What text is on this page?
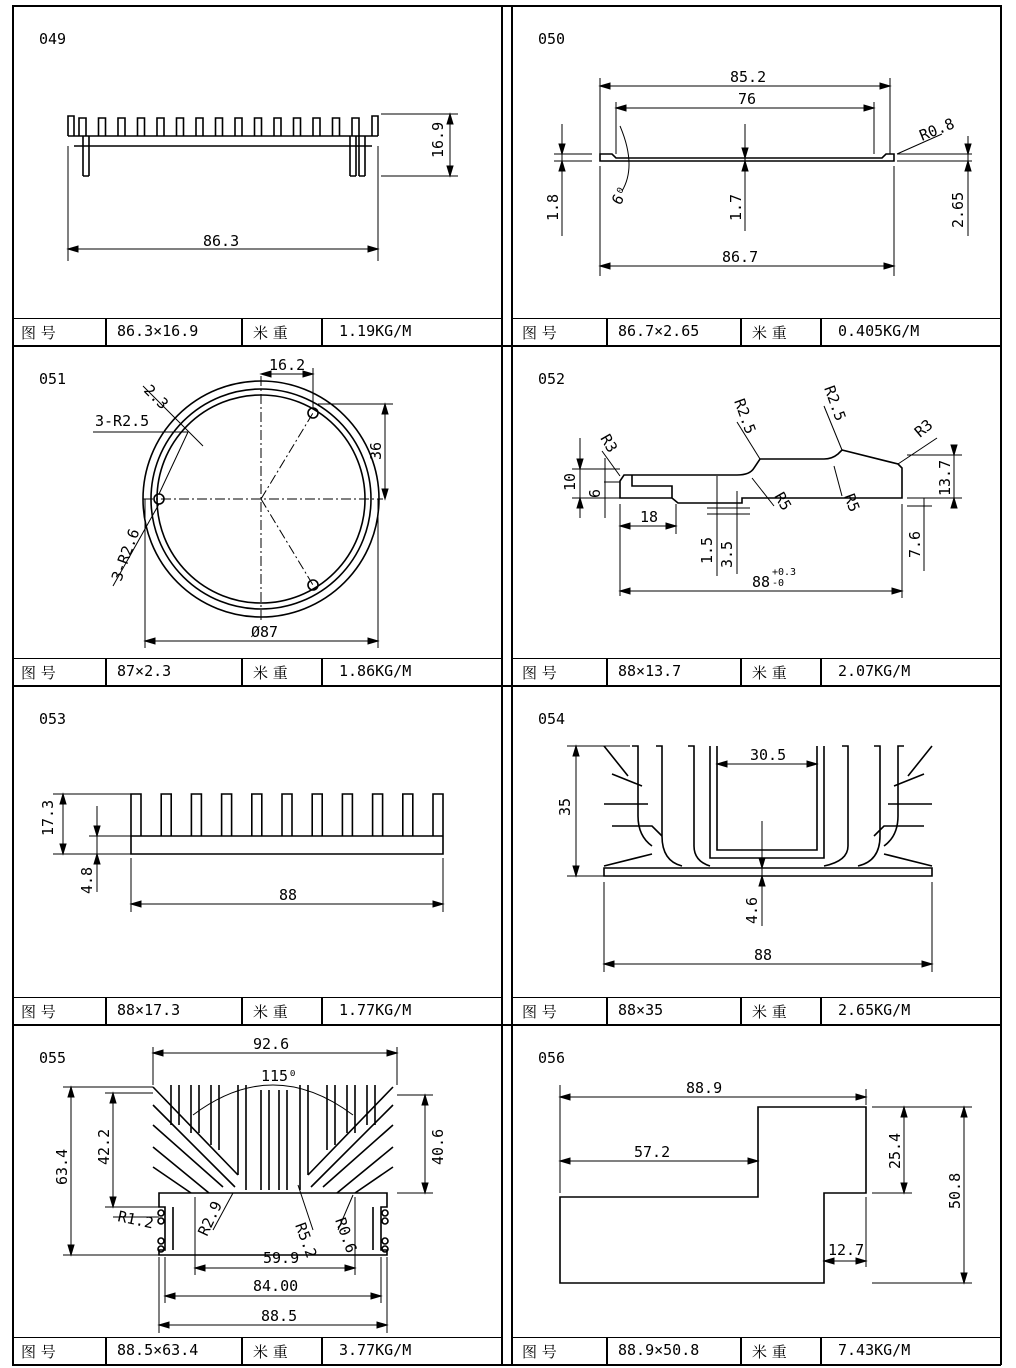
049
86.3
16.9
图 号	86.3×16.9	米 重	1.19KG/M
050
85.2
76
R0.8
6⁰
1.8	1.7	2.65
86.7
图 号	86.7×2.65	米 重	0.405KG/M
051
16.2
2.3
3-R2.5
36
3-R2.6
Ø87
图 号	87×2.3	米 重	1.86KG/M
052
R2.5	R2.5
R3
R3
10
6	13.7
R5	R5
18
1.5 3.5	7.6
88
+0.3
-0
图 号	88×13.7	米 重	2.07KG/M
053
17.3
4.8
88
图 号	88×17.3	米 重	1.77KG/M
054
30.5
35
4.6
88
图 号	88×35	米 重	2.65KG/M
055
92.6
115⁰
63.4
42.2	40.6
R1.2	R2.9
R5.2 R0.6
59.9
84.00
88.5
图 号	88.5×63.4	米 重	3.77KG/M
056
88.9
57.2	25.4
50.8
12.7
图 号	88.9×50.8	米 重	7.43KG/M
